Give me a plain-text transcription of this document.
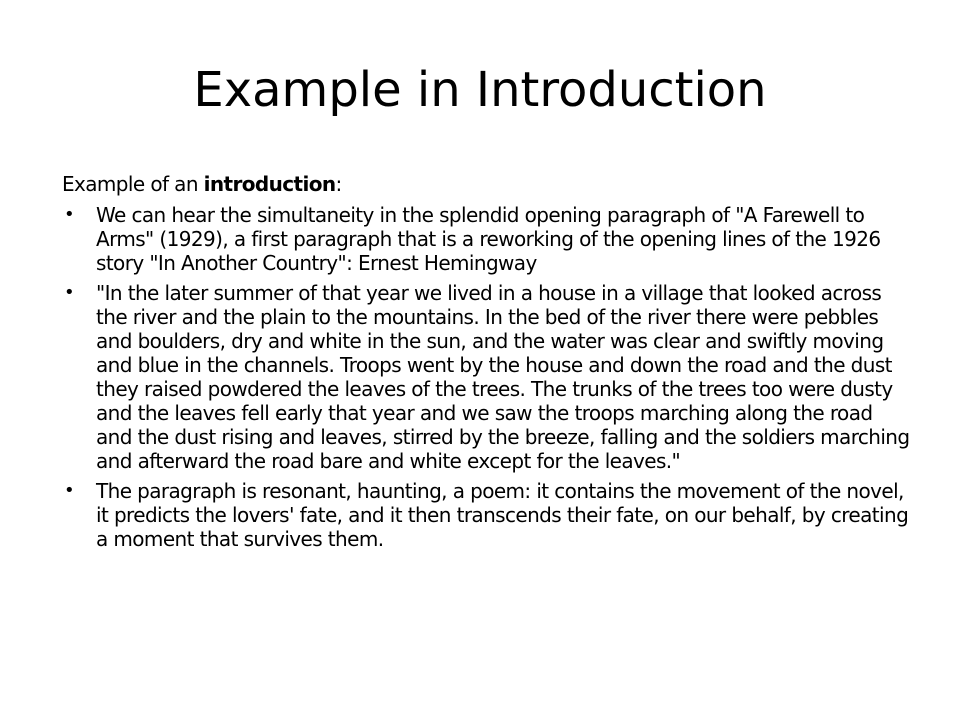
Example in Introduction

Example of an introduction:

• We can hear the simultaneity in the splendid opening paragraph of "A Farewell to Arms" (1929), a first paragraph that is a reworking of the opening lines of the 1926 story "In Another Country": Ernest Hemingway
• "In the later summer of that year we lived in a house in a village that looked across the river and the plain to the mountains. In the bed of the river there were pebbles and boulders, dry and white in the sun, and the water was clear and swiftly moving and blue in the channels. Troops went by the house and down the road and the dust they raised powdered the leaves of the trees. The trunks of the trees too were dusty and the leaves fell early that year and we saw the troops marching along the road and the dust rising and leaves, stirred by the breeze, falling and the soldiers marching and afterward the road bare and white except for the leaves."
• The paragraph is resonant, haunting, a poem: it contains the movement of the novel, it predicts the lovers' fate, and it then transcends their fate, on our behalf, by creating a moment that survives them.
